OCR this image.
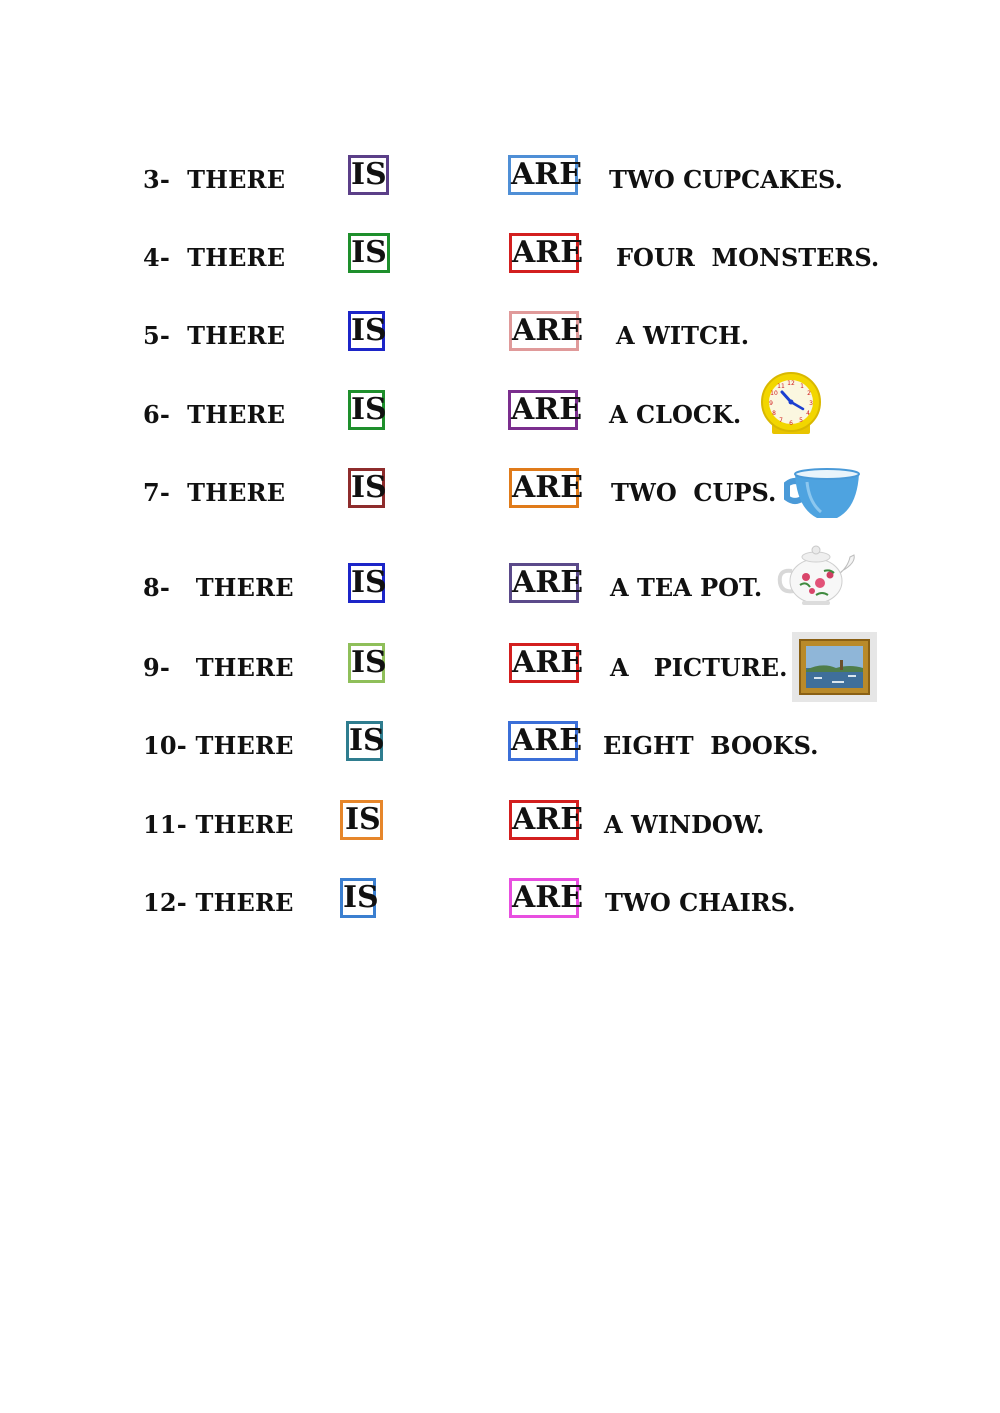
3-  THERE IS	ARE TWO CUPCAKES.
4-  THERE IS	ARE FOUR  MONSTERS.
5-  THERE IS	ARE A WITCH.
6-  THERE IS	ARE A CLOCK.
12 1
2
3
4
5
6
7
8
9
10
11
7-  THERE IS	ARE TWO  CUPS.
8-   THERE IS	ARE A TEA POT.
9-   THERE IS	ARE A   PICTURE.
10- THERE IS	ARE EIGHT  BOOKS.
11- THERE IS	ARE A WINDOW.
12- THERE IS	ARE TWO CHAIRS.
